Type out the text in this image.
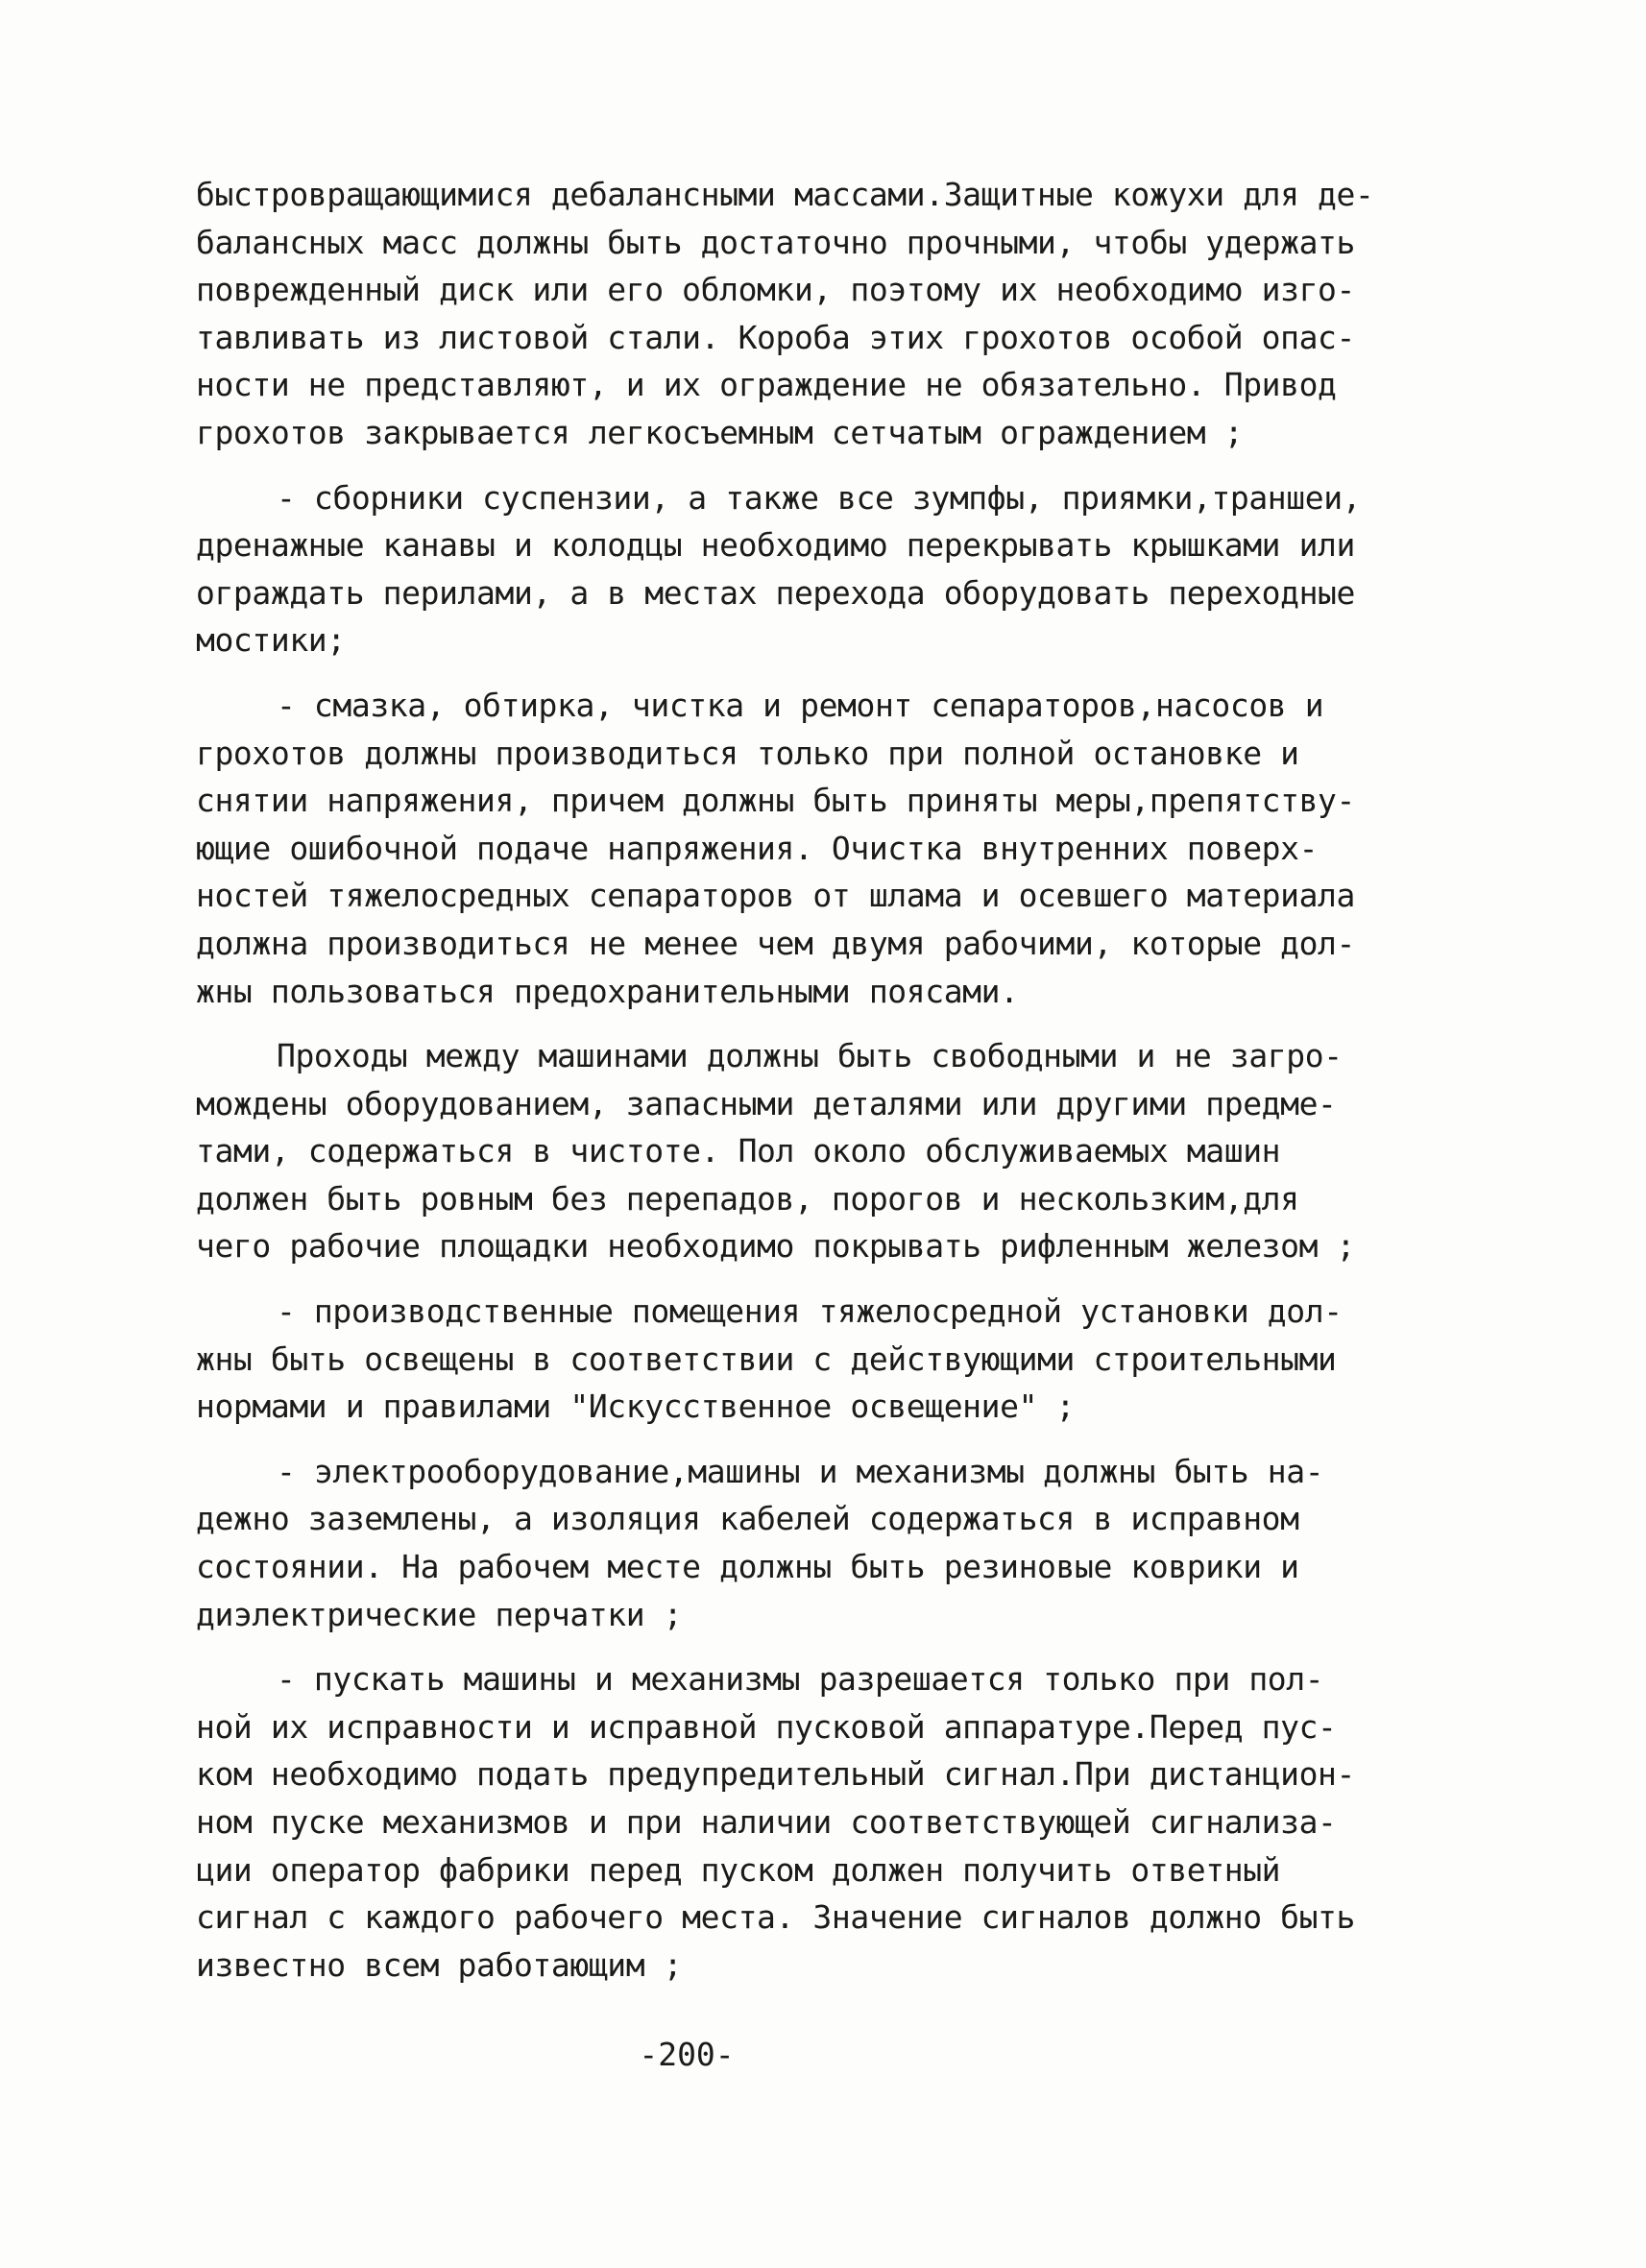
быстровращающимися дебалансными массами.Защитные кожухи для де-
балансных масс должны быть достаточно прочными, чтобы удержать
поврежденный диск или его обломки, поэтому их необходимо изго-
тавливать из листовой стали. Короба этих грохотов особой опас-
ности не представляют, и их ограждение не обязательно. Привод
грохотов закрывается легкосъемным сетчатым ограждением ;
- сборники суспензии, а также все зумпфы, приямки,траншеи,
дренажные канавы и колодцы необходимо перекрывать крышками или
ограждать перилами, а в местах перехода оборудовать переходные
мостики;
- смазка, обтирка, чистка и ремонт сепараторов,насосов и
грохотов должны производиться только при полной остановке и
снятии напряжения, причем должны быть приняты меры,препятству-
ющие ошибочной подаче напряжения. Очистка внутренних поверх-
ностей тяжелосредных сепараторов от шлама и осевшего материала
должна производиться не менее чем двумя рабочими, которые дол-
жны пользоваться предохранительными поясами.
Проходы между машинами должны быть свободными и не загро-
мождены оборудованием, запасными деталями или другими предме-
тами, содержаться в чистоте. Пол около обслуживаемых машин
должен быть ровным без перепадов, порогов и нескользким,для
чего рабочие площадки необходимо покрывать рифленным железом ;
- производственные помещения тяжелосредной установки дол-
жны быть освещены в соответствии с действующими строительными
нормами и правилами "Искусственное освещение" ;
- электрооборудование,машины и механизмы должны быть на-
дежно заземлены, а изоляция кабелей содержаться в исправном
состоянии. На рабочем месте должны быть резиновые коврики и
диэлектрические перчатки ;
- пускать машины и механизмы разрешается только при пол-
ной их исправности и исправной пусковой аппаратуре.Перед пус-
ком необходимо подать предупредительный сигнал.При дистанцион-
ном пуске механизмов и при наличии соответствующей сигнализа-
ции оператор фабрики перед пуском должен получить ответный
сигнал с каждого рабочего места. Значение сигналов должно быть
известно всем работающим ;
-200-
